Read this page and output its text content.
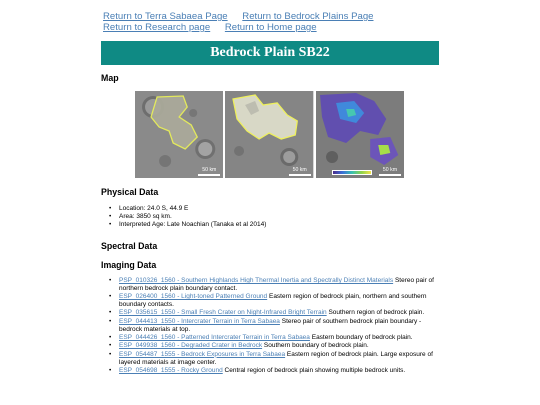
Return to Terra Sabaea Page Return to Bedrock Plains Page
Return to Research page Return to Home page
Bedrock Plain SB22
Map
50 km	50 km	50 km
Physical Data
• Location: 24.0 S, 44.9 E
• Area: 3850 sq km.
• Interpreted Age: Late Noachian (Tanaka et al 2014)
Spectral Data
Imaging Data
• PSP_010326_1560 - Southern Highlands High Thermal Inertia and Spectrally Distinct Materials Stereo pair of northern bedrock plain boundary contact.
• ESP_026400_1560 - Light-toned Patterned Ground Eastern region of bedrock plain, northern and southern boundary contacts.
• ESP_035615_1550 - Small Fresh Crater on Night-Infrared Bright Terrain Southern region of bedrock plain.
• ESP_044413_1550 - Intercrater Terrain in Terra Sabaea Stereo pair of southern bedrock plain boundary - bedrock materials at top.
• ESP_044426_1560 - Patterned Intercrater Terrain in Terra Sabaea Eastern boundary of bedrock plain.
• ESP_049938_1560 - Degraded Crater in Bedrock Southern boundary of bedrock plain.
• ESP_054487_1555 - Bedrock Exposures in Terra Sabaea Eastern region of bedrock plain. Large exposure of layered materials at image center.
• ESP_054698_1555 - Rocky Ground Central region of bedrock plain showing multiple bedrock units.
